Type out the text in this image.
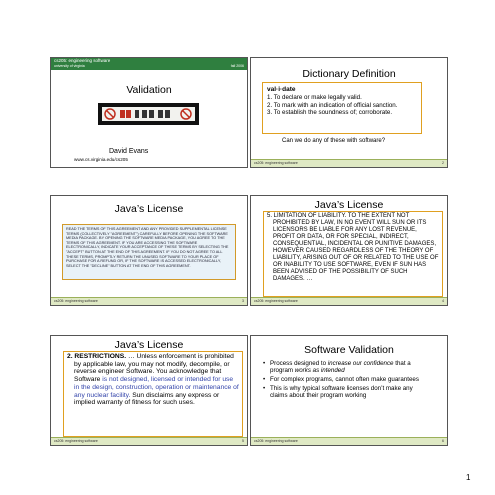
cs205: engineering software
university of virginia	fall 2006
Validation
David Evans
www.cs.virginia.edu/cs205
Dictionary Definition
val·i·date
1. To declare or make legally valid.
2. To mark with an indication of official sanction.
3. To establish the soundness of; corroborate.
Can we do any of these with software?
cs205: engineering software	2
Java’s License
READ THE TERMS OF THIS AGREEMENT AND ANY PROVIDED SUPPLEMENTAL LICENSE TERMS (COLLECTIVELY "AGREEMENT") CAREFULLY BEFORE OPENING THE SOFTWARE MEDIA PACKAGE. BY OPENING THE SOFTWARE MEDIA PACKAGE, YOU AGREE TO THE TERMS OF THIS AGREEMENT. IF YOU ARE ACCESSING THE SOFTWARE ELECTRONICALLY, INDICATE YOUR ACCEPTANCE OF THESE TERMS BY SELECTING THE "ACCEPT" BUTTON AT THE END OF THIS AGREEMENT. IF YOU DO NOT AGREE TO ALL THESE TERMS, PROMPTLY RETURN THE UNUSED SOFTWARE TO YOUR PLACE OF PURCHASE FOR A REFUND OR, IF THE SOFTWARE IS ACCESSED ELECTRONICALLY, SELECT THE "DECLINE" BUTTON AT THE END OF THIS AGREEMENT.
cs205: engineering software	3
Java’s License
5. LIMITATION OF LIABILITY. TO THE EXTENT NOT PROHIBITED BY LAW, IN NO EVENT WILL SUN OR ITS LICENSORS BE LIABLE FOR ANY LOST REVENUE, PROFIT OR DATA, OR FOR SPECIAL, INDIRECT, CONSEQUENTIAL, INCIDENTAL OR PUNITIVE DAMAGES, HOWEVER CAUSED REGARDLESS OF THE THEORY OF LIABILITY, ARISING OUT OF OR RELATED TO THE USE OF OR INABILITY TO USE SOFTWARE, EVEN IF SUN HAS BEEN ADVISED OF THE POSSIBILITY OF SUCH DAMAGES. …
cs205: engineering software	4
Java’s License
2. RESTRICTIONS. … Unless enforcement is prohibited by applicable law, you may not modify, decompile, or reverse engineer Software. You acknowledge that Software is not designed, licensed or intended for use in the design, construction, operation or maintenance of any nuclear facility. Sun disclaims any express or implied warranty of fitness for such uses.
cs205: engineering software	5
Software Validation
• Process designed to increase our confidence that a program works as intended
• For complex programs, cannot often make guarantees
• This is why typical software licenses don’t make any claims about their program working
cs205: engineering software	6
1
